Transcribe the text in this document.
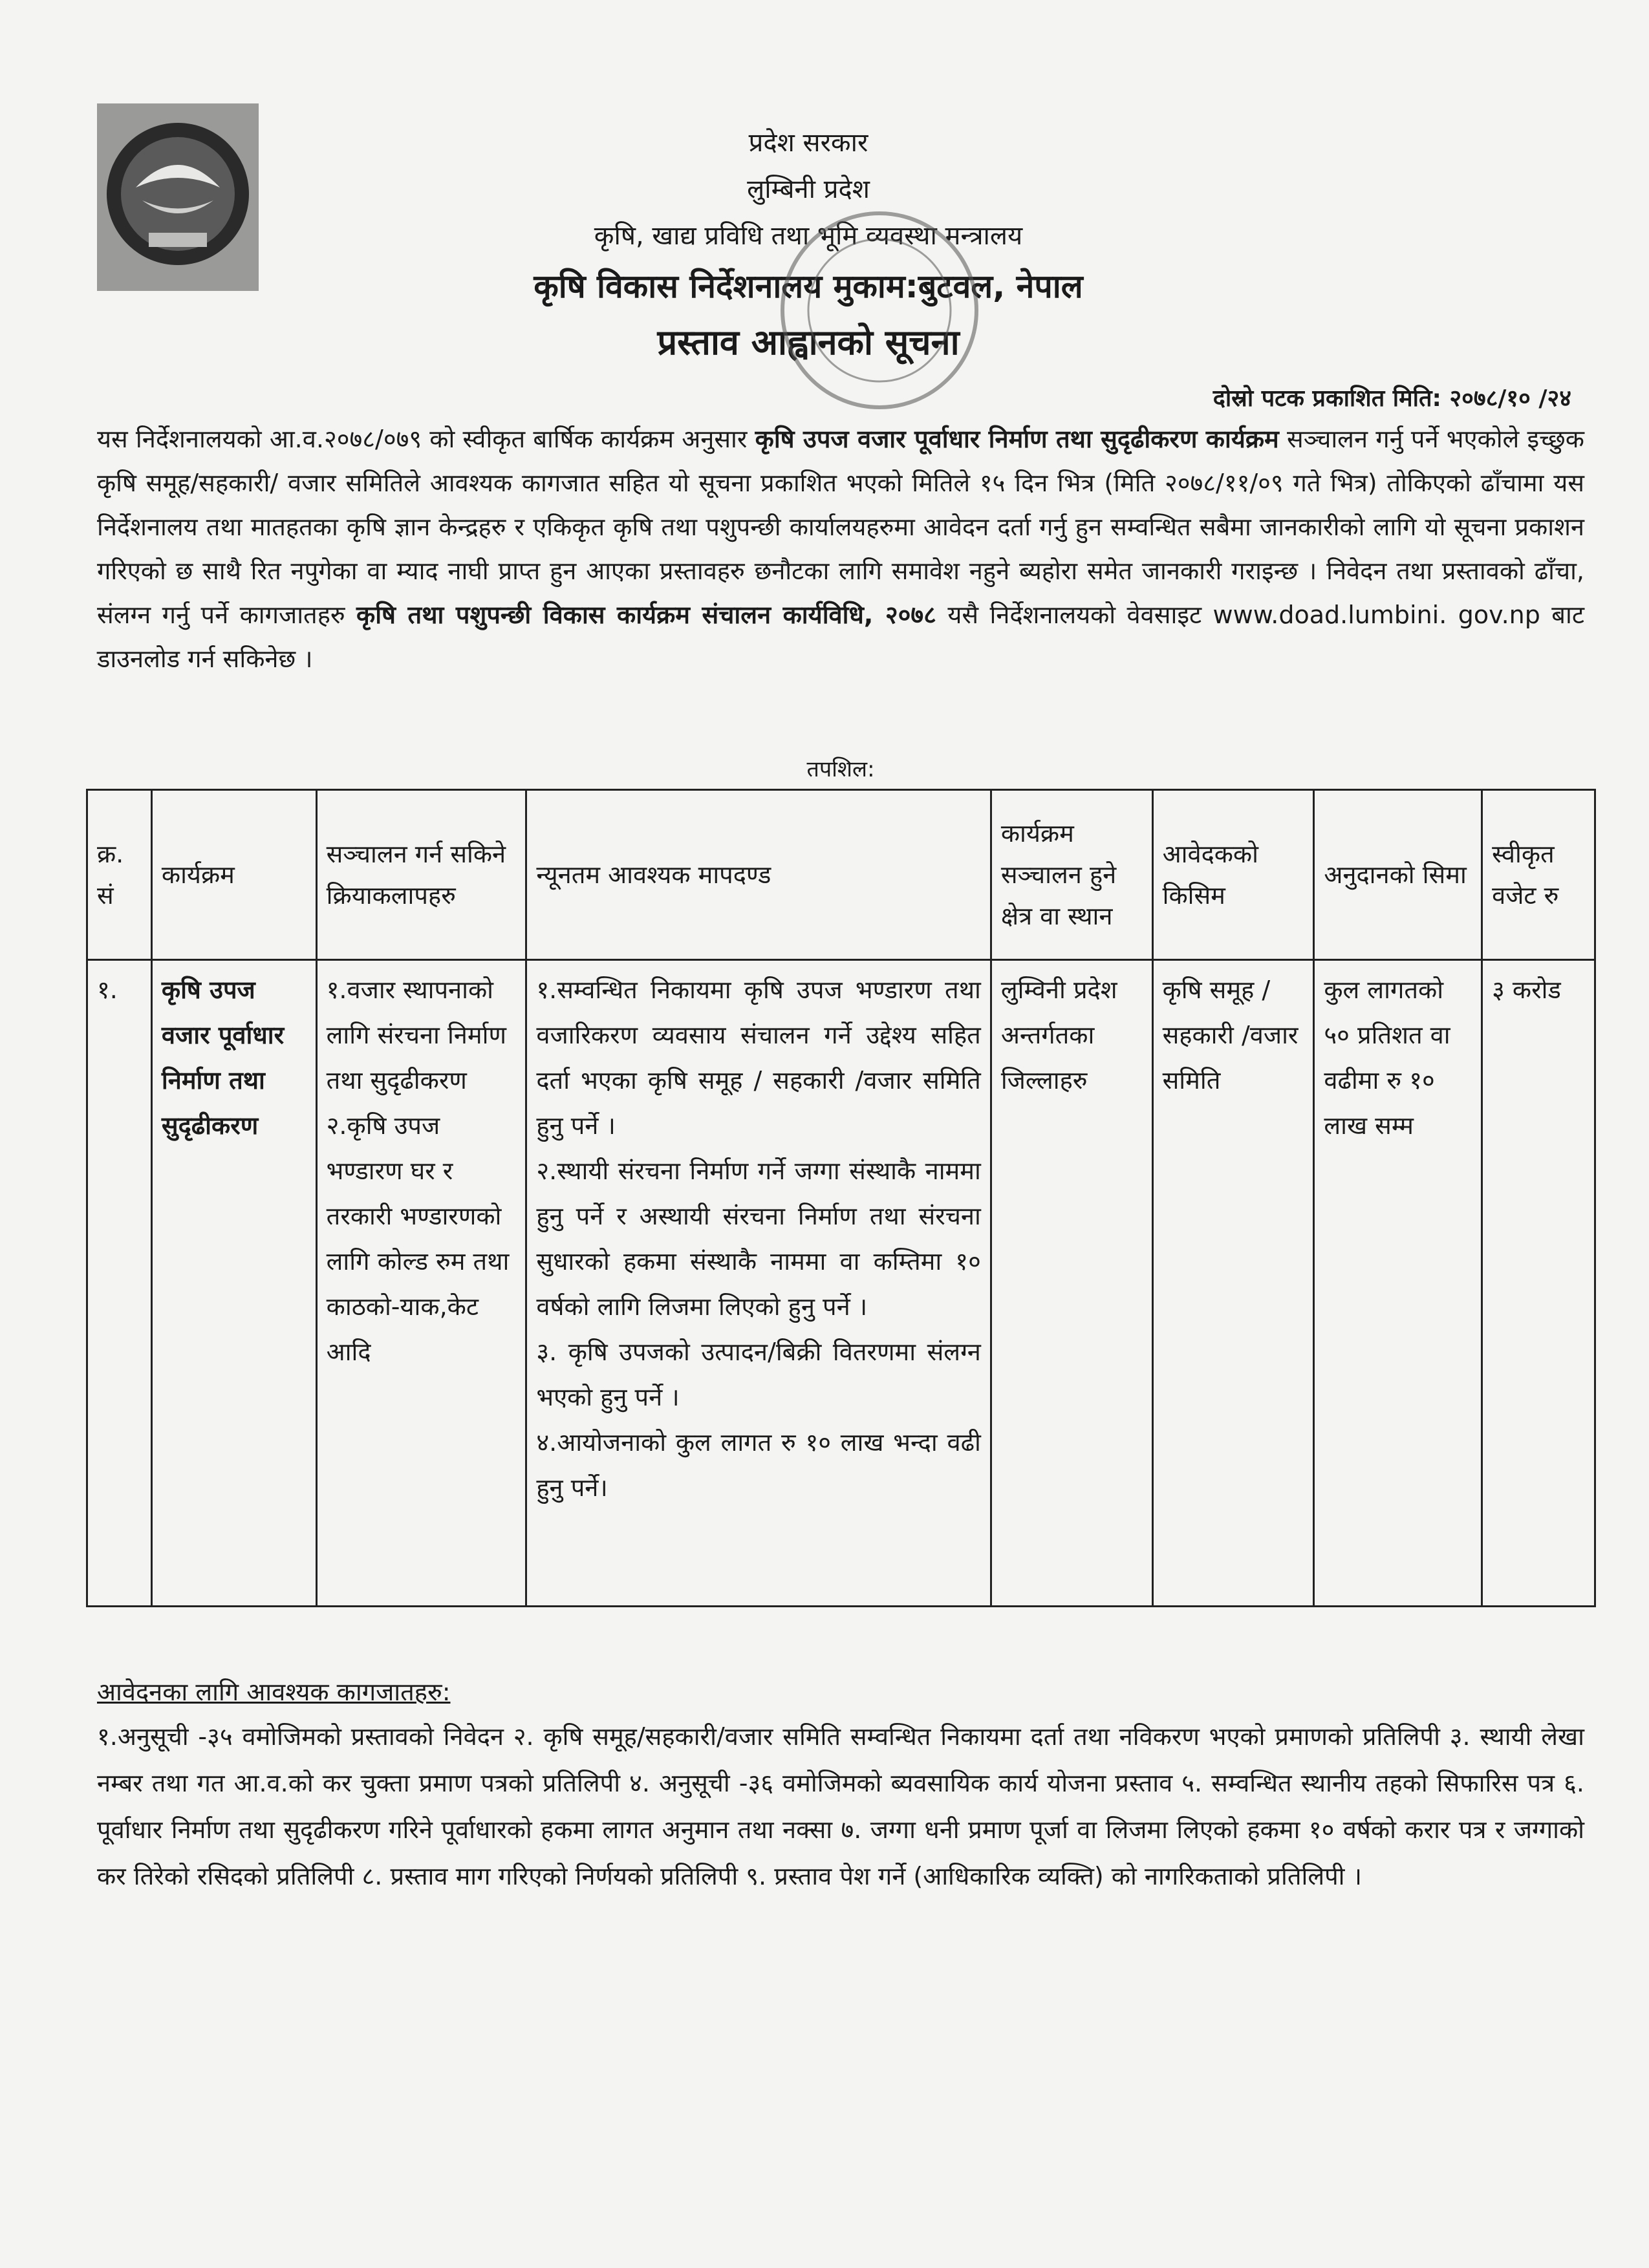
प्रदेश सरकार
लुम्बिनी प्रदेश
कृषि, खाद्य प्रविधि तथा भूमि व्यवस्था मन्त्रालय
कृषि विकास निर्देशनालय मुकाम:बुटवल, नेपाल
प्रस्ताव आह्वानको सूचना
दोस्रो पटक प्रकाशित मिति: २०७८/१० /२४
यस निर्देशनालयको आ.व.२०७८/०७९ को स्वीकृत बार्षिक कार्यक्रम अनुसार कृषि उपज वजार पूर्वाधार निर्माण तथा सुदृढीकरण कार्यक्रम सञ्चालन गर्नु पर्ने भएकोले इच्छुक कृषि समूह/सहकारी/ वजार समितिले आवश्यक कागजात सहित यो सूचना प्रकाशित भएको मितिले १५ दिन भित्र (मिति २०७८/११/०९ गते भित्र) तोकिएको ढाँचामा यस निर्देशनालय तथा मातहतका कृषि ज्ञान केन्द्रहरु र एकिकृत कृषि तथा पशुपन्छी कार्यालयहरुमा आवेदन दर्ता गर्नु हुन सम्वन्धित सबैमा जानकारीको लागि यो सूचना प्रकाशन गरिएको छ साथै रित नपुगेका वा म्याद नाघी प्राप्त हुन आएका प्रस्तावहरु छनौटका लागि समावेश नहुने ब्यहोरा समेत जानकारी गराइन्छ । निवेदन तथा प्रस्तावको ढाँचा, संलग्न गर्नु पर्ने कागजातहरु कृषि तथा पशुपन्छी विकास कार्यक्रम संचालन कार्यविधि, २०७८ यसै निर्देशनालयको वेवसाइट www.doad.lumbini. gov.np बाट डाउनलोड गर्न सकिनेछ ।
तपशिल:
क्र. सं	कार्यक्रम	सञ्चालन गर्न सकिने क्रियाकलापहरु	न्यूनतम आवश्यक मापदण्ड	कार्यक्रम सञ्चालन हुने क्षेत्र वा स्थान	आवेदकको किसिम	अनुदानको सिमा	स्वीकृत वजेट रु
१.	कृषि उपज वजार पूर्वाधार निर्माण तथा सुदृढीकरण	१.वजार स्थापनाको लागि संरचना निर्माण तथा सुदृढीकरण २.कृषि उपज भण्डारण घर र तरकारी भण्डारणको लागि कोल्ड रुम तथा काठको-याक,केट आदि	१.सम्वन्धित निकायमा कृषि उपज भण्डारण तथा वजारिकरण व्यवसाय संचालन गर्ने उद्देश्य सहित दर्ता भएका कृषि समूह / सहकारी /वजार समिति हुनु पर्ने ।
२.स्थायी संरचना निर्माण गर्ने जग्गा संस्थाकै नाममा हुनु पर्ने र अस्थायी संरचना निर्माण तथा संरचना सुधारको हकमा संस्थाकै नाममा वा कम्तिमा १० वर्षको लागि लिजमा लिएको हुनु पर्ने ।
३. कृषि उपजको उत्पादन/बिक्री वितरणमा संलग्न भएको हुनु पर्ने ।
४.आयोजनाको कुल लागत रु १० लाख भन्दा वढी हुनु पर्ने।	लुम्विनी प्रदेश अन्तर्गतका जिल्लाहरु	कृषि समूह / सहकारी /वजार समिति	कुल लागतको ५० प्रतिशत वा वढीमा रु १० लाख सम्म	३ करोड
आवेदनका लागि आवश्यक कागजातहरु:
१.अनुसूची -३५ वमोजिमको प्रस्तावको निवेदन २. कृषि समूह/सहकारी/वजार समिति सम्वन्धित निकायमा दर्ता तथा नविकरण भएको प्रमाणको प्रतिलिपी ३. स्थायी लेखा नम्बर तथा गत आ.व.को कर चुक्ता प्रमाण पत्रको प्रतिलिपी ४. अनुसूची -३६ वमोजिमको ब्यवसायिक कार्य योजना प्रस्ताव ५. सम्वन्धित स्थानीय तहको सिफारिस पत्र ६. पूर्वाधार निर्माण तथा सुदृढीकरण गरिने पूर्वाधारको हकमा लागत अनुमान तथा नक्सा ७. जग्गा धनी प्रमाण पूर्जा वा लिजमा लिएको हकमा १० वर्षको करार पत्र र जग्गाको कर तिरेको रसिदको प्रतिलिपी ८. प्रस्ताव माग गरिएको निर्णयको प्रतिलिपी ९. प्रस्ताव पेश गर्ने (आधिकारिक व्यक्ति) को नागरिकताको प्रतिलिपी ।
